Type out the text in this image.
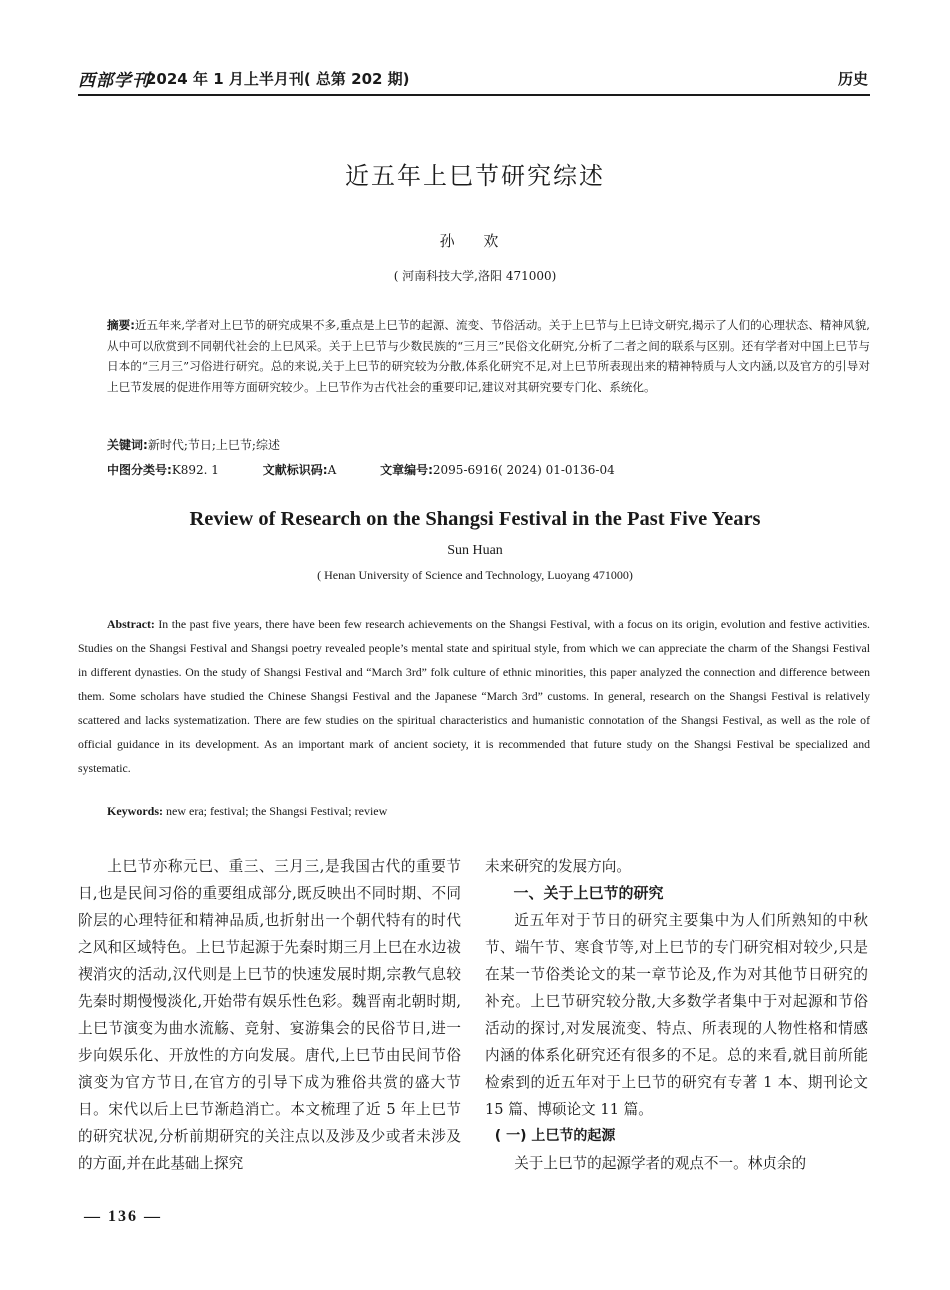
西部学刊
2024 年 1 月上半月刊( 总第 202 期)	历史
近五年上巳节研究综述
孙 欢
( 河南科技大学,洛阳 471000)
摘要:近五年来,学者对上巳节的研究成果不多,重点是上巳节的起源、流变、节俗活动。关于上巳节与上巳诗文研究,揭示了人们的心理状态、精神风貌,从中可以欣赏到不同朝代社会的上巳风采。关于上巳节与少数民族的“三月三”民俗文化研究,分析了二者之间的联系与区别。还有学者对中国上巳节与日本的“三月三”习俗进行研究。总的来说,关于上巳节的研究较为分散,体系化研究不足,对上巳节所表现出来的精神特质与人文内涵,以及官方的引导对上巳节发展的促进作用等方面研究较少。上巳节作为古代社会的重要印记,建议对其研究要专门化、系统化。
关键词:新时代;节日;上巳节;综述
中图分类号:K892. 1	文献标识码:A	文章编号:2095-6916( 2024) 01-0136-04
Review of Research on the Shangsi Festival in the Past Five Years
Sun Huan
( Henan University of Science and Technology, Luoyang 471000)
Abstract: In the past five years, there have been few research achievements on the Shangsi Festival, with a focus on its origin, evolution and festive activities. Studies on the Shangsi Festival and Shangsi poetry revealed people’s mental state and spiritual style, from which we can appreciate the charm of the Shangsi Festival in different dynasties. On the study of Shangsi Festival and “March 3rd” folk culture of ethnic minorities, this paper analyzed the connection and difference between them. Some scholars have studied the Chinese Shangsi Festival and the Japanese “March 3rd” customs. In general, research on the Shangsi Festival is relatively scattered and lacks systematization. There are few studies on the spiritual characteristics and humanistic connotation of the Shangsi Festival, as well as the role of official guidance in its development. As an important mark of ancient society, it is recommended that future study on the Shangsi Festival be specialized and systematic.
Keywords: new era; festival; the Shangsi Festival; review

上巳节亦称元巳、重三、三月三,是我国古代的重要节日,也是民间习俗的重要组成部分,既反映出不同时期、不同阶层的心理特征和精神品质,也折射出一个朝代特有的时代之风和区域特色。上巳节起源于先秦时期三月上巳在水边祓禊消灾的活动,汉代则是上巳节的快速发展时期,宗教气息较先秦时期慢慢淡化,开始带有娱乐性色彩。魏晋南北朝时期,上巳节演变为曲水流觞、竞射、宴游集会的民俗节日,进一步向娱乐化、开放性的方向发展。唐代,上巳节由民间节俗演变为官方节日,在官方的引导下成为雅俗共赏的盛大节日。宋代以后上巳节渐趋消亡。本文梳理了近 5 年上巳节的研究状况,分析前期研究的关注点以及涉及少或者未涉及的方面,并在此基础上探究

未来研究的发展方向。

一、关于上巳节的研究

近五年对于节日的研究主要集中为人们所熟知的中秋节、端午节、寒食节等,对上巳节的专门研究相对较少,只是在某一节俗类论文的某一章节论及,作为对其他节日研究的补充。上巳节研究较分散,大多数学者集中于对起源和节俗活动的探讨,对发展流变、特点、所表现的人物性格和情感内涵的体系化研究还有很多的不足。总的来看,就目前所能检索到的近五年对于上巳节的研究有专著 1 本、期刊论文 15 篇、博硕论文 11 篇。

( 一) 上巳节的起源

关于上巳节的起源学者的观点不一。林贞余的

— 136 —
